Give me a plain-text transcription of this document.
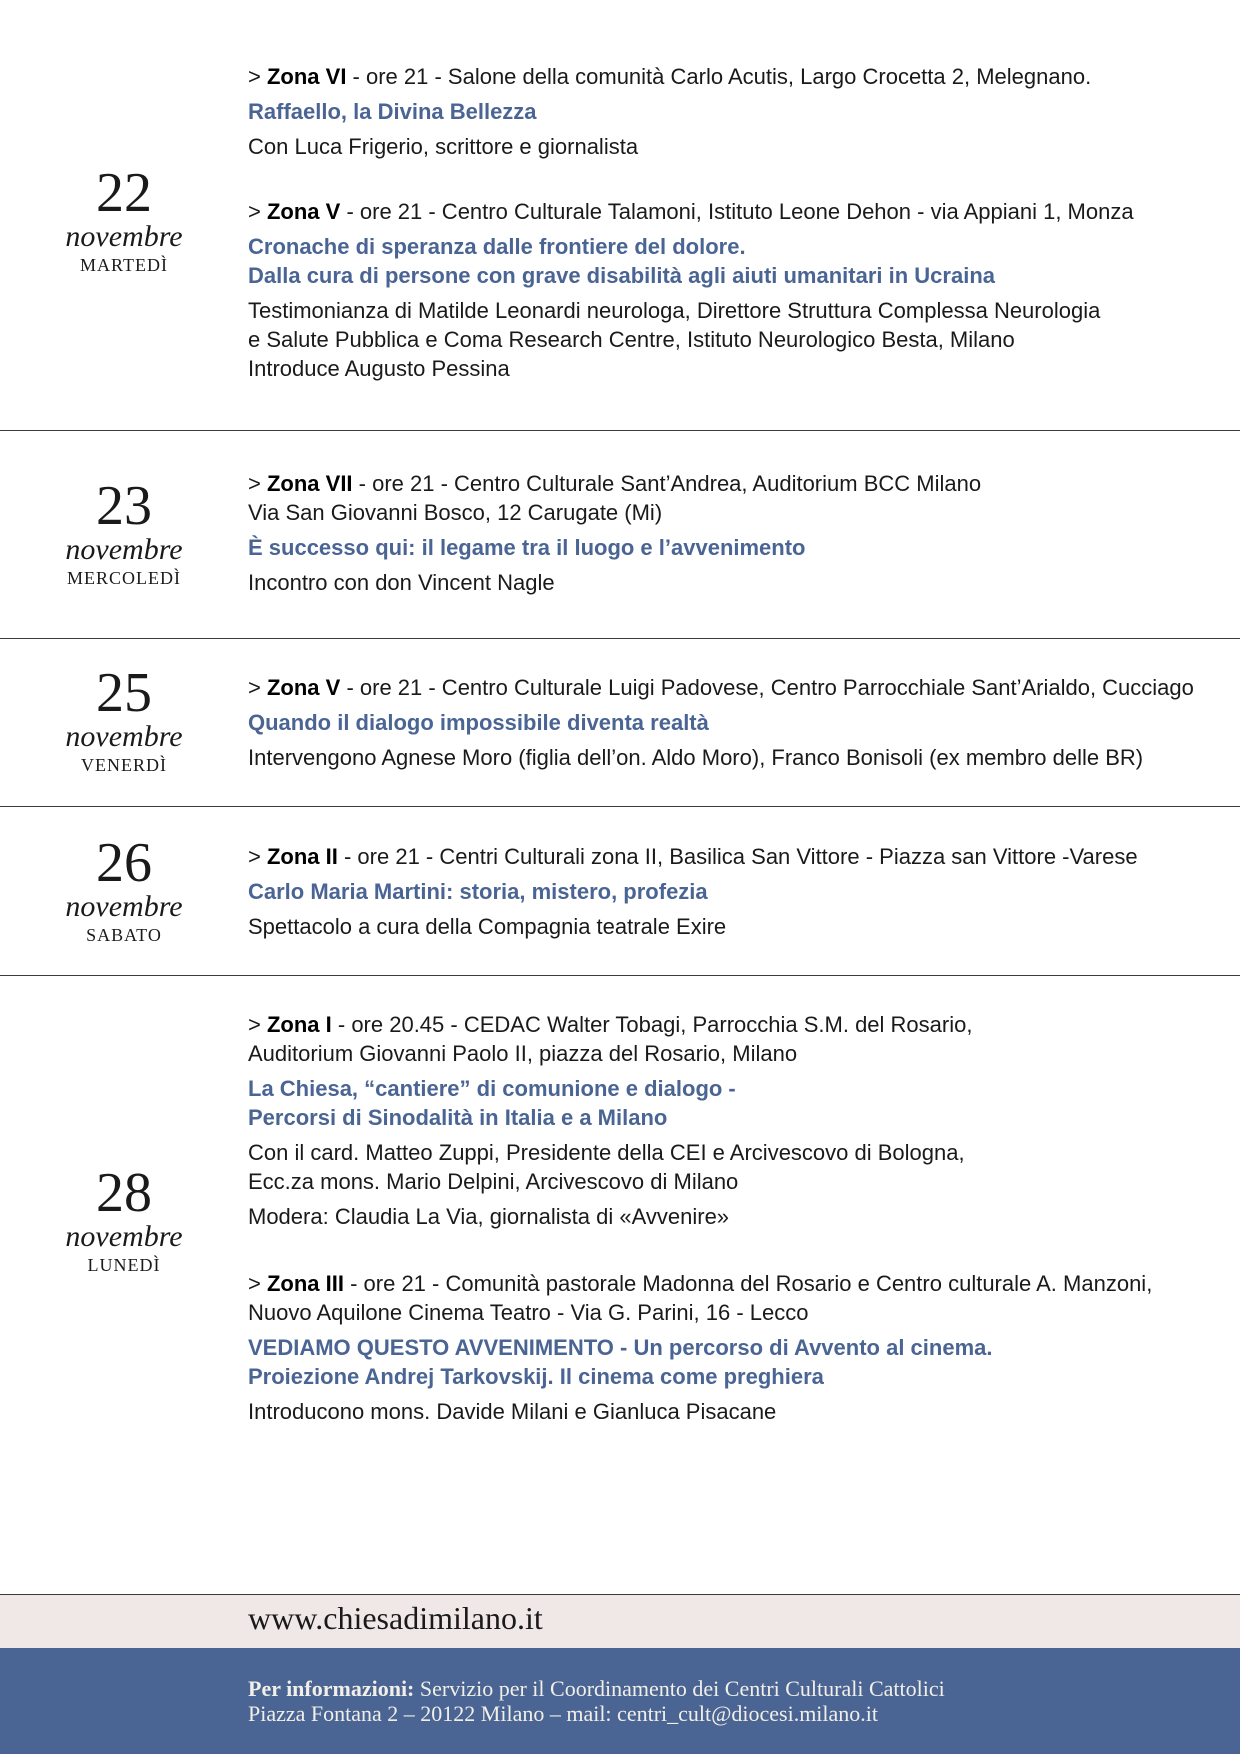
22
novembre
MARTEDÌ
> Zona VI - ore 21 - Salone della comunità Carlo Acutis, Largo Crocetta 2, Melegnano.
Raffaello, la Divina Bellezza
Con Luca Frigerio, scrittore e giornalista
> Zona V - ore 21 - Centro Culturale Talamoni, Istituto Leone Dehon - via Appiani 1, Monza
Cronache di speranza dalle frontiere del dolore.
Dalla cura di persone con grave disabilità agli aiuti umanitari in Ucraina
Testimonianza di Matilde Leonardi neurologa, Direttore Struttura Complessa Neurologia
e Salute Pubblica e Coma Research Centre, Istituto Neurologico Besta, Milano
Introduce Augusto Pessina
23
novembre
MERCOLEDÌ
> Zona VII - ore 21 - Centro Culturale Sant’Andrea, Auditorium BCC Milano
Via San Giovanni Bosco, 12 Carugate (Mi)
È successo qui: il legame tra il luogo e l’avvenimento
Incontro con don Vincent Nagle
25
novembre
VENERDÌ
> Zona V - ore 21 - Centro Culturale Luigi Padovese, Centro Parrocchiale Sant’Arialdo, Cucciago
Quando il dialogo impossibile diventa realtà
Intervengono Agnese Moro (figlia dell’on. Aldo Moro), Franco Bonisoli (ex membro delle BR)
26
novembre
SABATO
> Zona II - ore 21 - Centri Culturali zona II, Basilica San Vittore - Piazza san Vittore -Varese
Carlo Maria Martini: storia, mistero, profezia
Spettacolo a cura della Compagnia teatrale Exire
28
novembre
LUNEDÌ
> Zona I - ore 20.45 - CEDAC Walter Tobagi, Parrocchia S.M. del Rosario,
Auditorium Giovanni Paolo II, piazza del Rosario, Milano
La Chiesa, “cantiere” di comunione e dialogo -
Percorsi di Sinodalità in Italia e a Milano
Con il card. Matteo Zuppi, Presidente della CEI e Arcivescovo di Bologna,
Ecc.za mons. Mario Delpini, Arcivescovo di Milano
Modera: Claudia La Via, giornalista di «Avvenire»
> Zona III - ore 21 - Comunità pastorale Madonna del Rosario e Centro culturale A. Manzoni,
Nuovo Aquilone Cinema Teatro - Via G. Parini, 16 - Lecco
VEDIAMO QUESTO AVVENIMENTO - Un percorso di Avvento al cinema.
Proiezione Andrej Tarkovskij. Il cinema come preghiera
Introducono mons. Davide Milani e Gianluca Pisacane
www.chiesadimilano.it
Per informazioni: Servizio per il Coordinamento dei Centri Culturali Cattolici
Piazza Fontana 2 – 20122 Milano – mail: centri_cult@diocesi.milano.it
